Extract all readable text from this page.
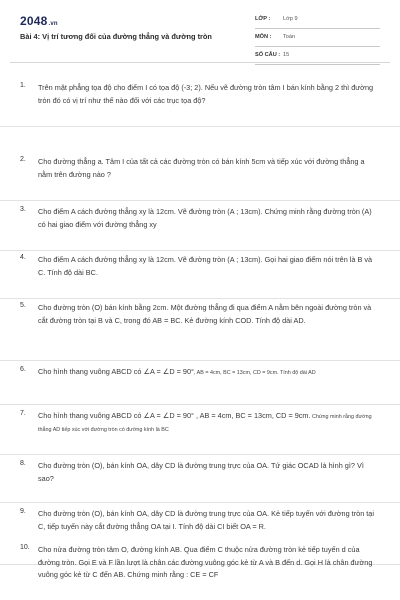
2048.vn
Bài 4: Vị trí tương đối của đường thẳng và đường tròn
LỚP : Lớp 9
MÔN : Toán
SỐ CÂU : 15
1. Trên mặt phẳng tọa độ cho điểm I có tọa độ (-3; 2). Nếu vẽ đường tròn tâm I bán kính bằng 2 thì đường tròn đó có vị trí như thế nào đối với các trục tọa độ?
2. Cho đường thẳng a. Tâm I của tất cả các đường tròn có bán kính 5cm và tiếp xúc với đường thẳng a nằm trên đường nào ?
3. Cho điểm A cách đường thẳng xy là 12cm. Vẽ đường tròn (A ; 13cm). Chứng minh rằng đường tròn (A) có hai giao điểm với đường thẳng xy
4. Cho điểm A cách đường thẳng xy là 12cm. Vẽ đường tròn (A ; 13cm). Gọi hai giao điểm nói trên là B và C. Tính độ dài BC.
5. Cho đường tròn (O) bán kính bằng 2cm. Một đường thẳng đi qua điểm A nằm bên ngoài đường tròn và cắt đường tròn tại B và C, trong đó AB = BC. Kẻ đường kính COD. Tính độ dài AD.
6. Cho hình thang vuông ABCD có ∠A = ∠D = 90°, AB = 4cm, BC = 13cm, CD = 9cm. Tính độ dài AD
7. Cho hình thang vuông ABCD có ∠A = ∠D = 90° , AB = 4cm, BC = 13cm, CD = 9cm. Chứng minh rằng đường thẳng AD tiếp xúc với đường tròn có đường kính là BC
8. Cho đường tròn (O), bán kính OA, dây CD là đường trung trực của OA. Tứ giác OCAD là hình gì? Vì sao?
9. Cho đường tròn (O), bán kính OA, dây CD là đường trung trực của OA. Kẻ tiếp tuyến với đường tròn tại C, tiếp tuyến này cắt đường thẳng OA tại I. Tính độ dài CI biết OA = R.
10. Cho nửa đường tròn tâm O, đường kính AB. Qua điểm C thuộc nửa đường tròn kẻ tiếp tuyến d của đường tròn. Gọi E và F lần lượt là chân các đường vuông góc kẻ từ A và B đến d. Gọi H là chân đường vuông góc kẻ từ C đến AB. Chứng minh rằng : CE = CF
